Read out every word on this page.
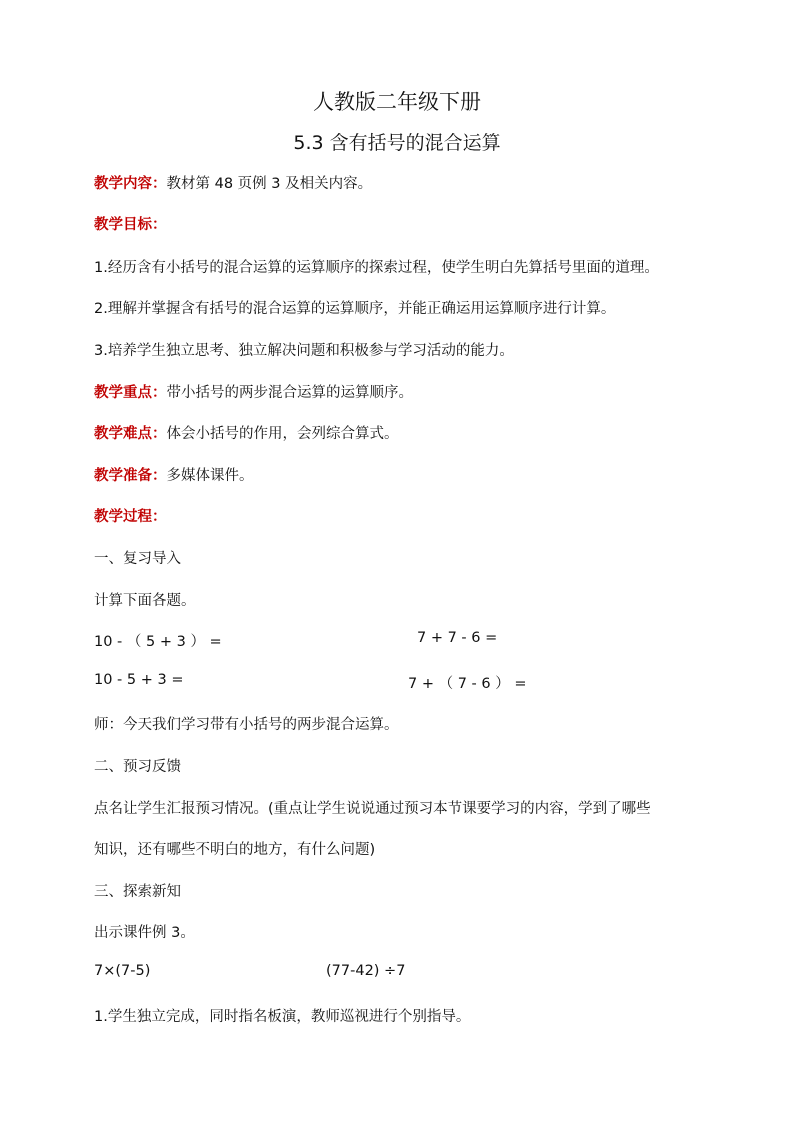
人教版二年级下册
5.3 含有括号的混合运算
教学内容：教材第 48 页例 3 及相关内容。
教学目标：
1.经历含有小括号的混合运算的运算顺序的探索过程，使学生明白先算括号里面的道理。
2.理解并掌握含有括号的混合运算的运算顺序，并能正确运用运算顺序进行计算。
3.培养学生独立思考、独立解决问题和积极参与学习活动的能力。
教学重点：带小括号的两步混合运算的运算顺序。
教学难点：体会小括号的作用，会列综合算式。
教学准备：多媒体课件。
教学过程：
一、复习导入
计算下面各题。
10 - （ 5 + 3 ） =	7 + 7 - 6 =
10 - 5 + 3 =	7 + （ 7 - 6 ） =
师：今天我们学习带有小括号的两步混合运算。
二、预习反馈
点名让学生汇报预习情况。(重点让学生说说通过预习本节课要学习的内容，学到了哪些
知识，还有哪些不明白的地方，有什么问题)
三、探索新知
出示课件例 3。
7×(7-5)	(77-42) ÷7
1.学生独立完成，同时指名板演，教师巡视进行个别指导。
